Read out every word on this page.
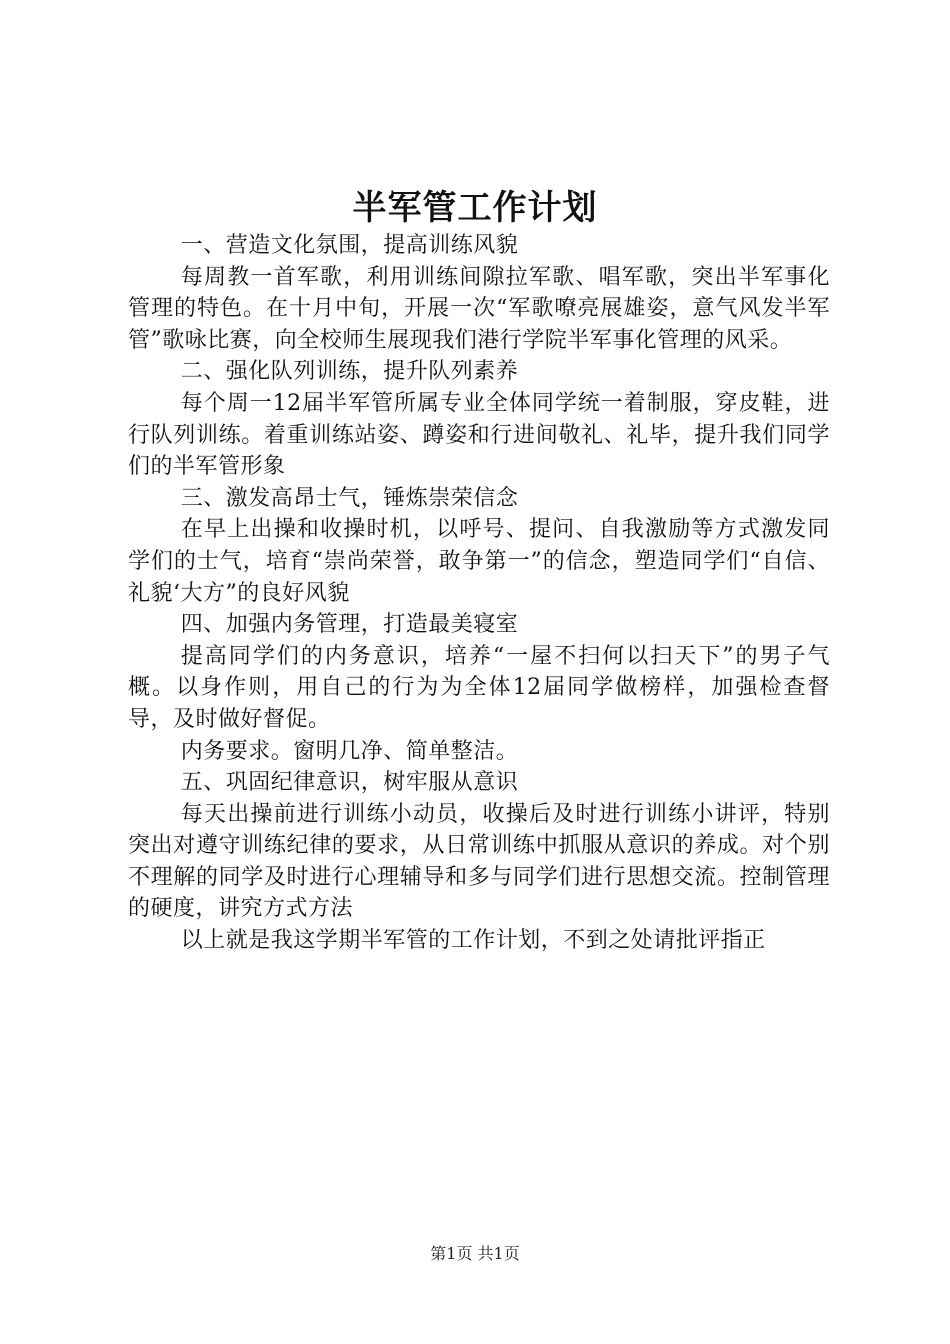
半军管工作计划

一、营造文化氛围，提高训练风貌

每周教一首军歌，利用训练间隙拉军歌、唱军歌，突出半军事化管理的特色。在十月中旬，开展一次“军歌嘹亮展雄姿，意气风发半军管”歌咏比赛，向全校师生展现我们港行学院半军事化管理的风采。

二、强化队列训练，提升队列素养

每个周一12届半军管所属专业全体同学统一着制服，穿皮鞋，进行队列训练。着重训练站姿、蹲姿和行进间敬礼、礼毕，提升我们同学们的半军管形象

三、激发高昂士气，锤炼崇荣信念

在早上出操和收操时机，以呼号、提问、自我激励等方式激发同学们的士气，培育“崇尚荣誉，敢争第一”的信念，塑造同学们“自信、礼貌‘大方”的良好风貌

四、加强内务管理，打造最美寝室

提高同学们的内务意识，培养“一屋不扫何以扫天下”的男子气概。以身作则，用自己的行为为全体12届同学做榜样，加强检查督导，及时做好督促。

内务要求。窗明几净、简单整洁。

五、巩固纪律意识，树牢服从意识

每天出操前进行训练小动员，收操后及时进行训练小讲评，特别突出对遵守训练纪律的要求，从日常训练中抓服从意识的养成。对个别不理解的同学及时进行心理辅导和多与同学们进行思想交流。控制管理的硬度，讲究方式方法

以上就是我这学期半军管的工作计划，不到之处请批评指正

第1页 共1页
